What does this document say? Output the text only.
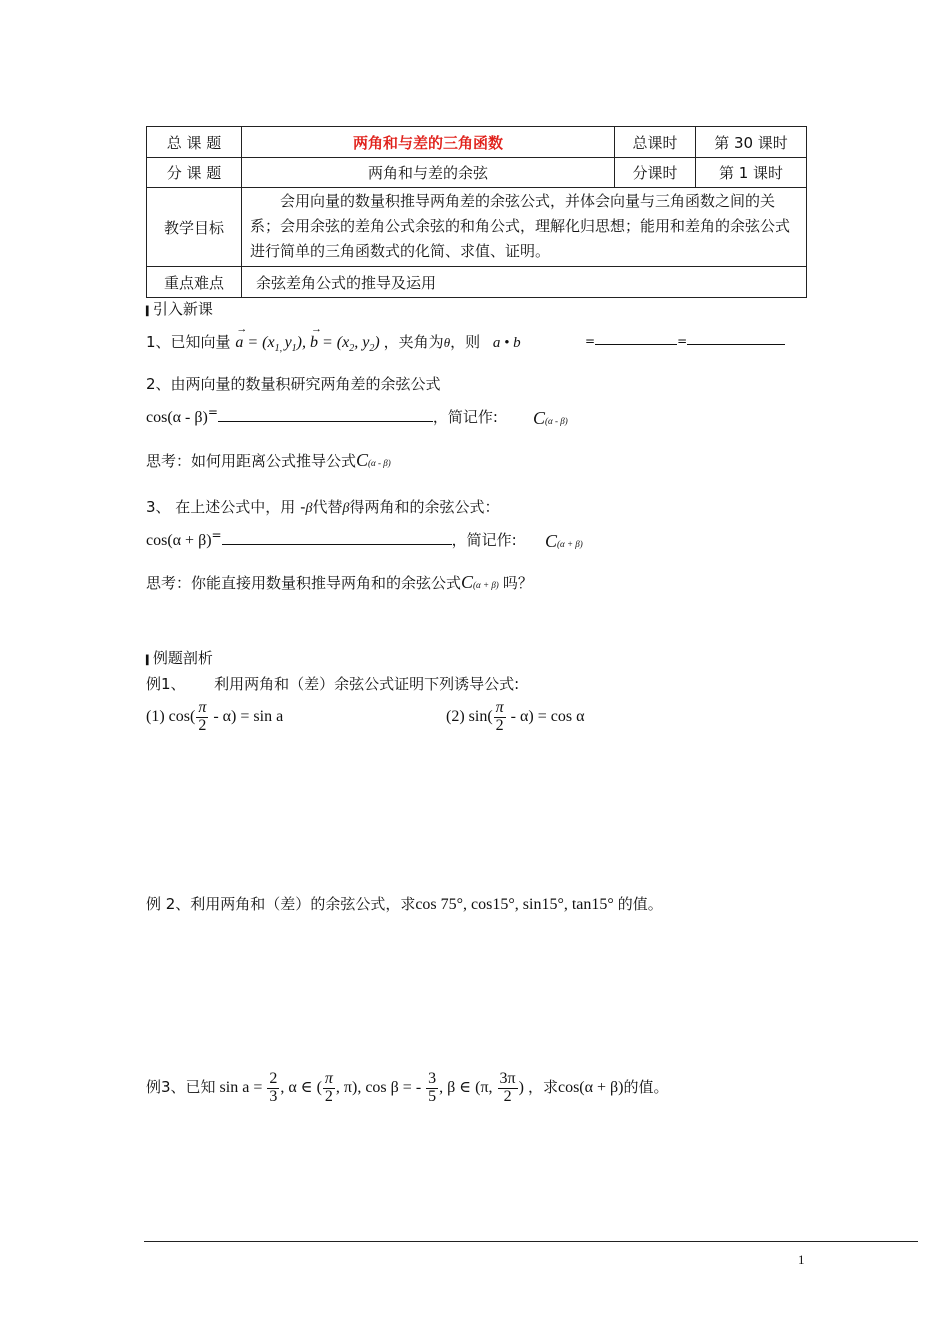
总 课 题	两角和与差的三角函数	总课时	第 30 课时
分 课 题	两角和与差的余弦	分课时	第 1 课时
教学目标	会用向量的数量积推导两角差的余弦公式，并体会向量与三角函数之间的关系；会用余弦的差角公式余弦的和角公式，理解化归思想；能用和差角的余弦公式进行简单的三角函数式的化简、求值、证明。		
重点难点	余弦差角公式的推导及运用		
▍引入新课
1、已知向量 a
→
= ($x_{1,}$ $y_1$), b
→
= ($x_2$, $y_2$) ，夹角为θ，则 a • b	=	=
2、由两向量的数量积研究两角差的余弦公式
cos(α - β)=	，简记作: C(α - β)
思考：如何用距离公式推导公式C(α - β)
3、 在上述公式中，用 -β代替β得两角和的余弦公式：
cos(α + β)=	，简记作: C(α + β)
思考：你能直接用数量积推导两角和的余弦公式C(α + β) 吗？
▍例题剖析
例1、      利用两角和（差）余弦公式证明下列诱导公式:
(1) $\cos( \frac{\pi}{2} - \alpha) = \sin a$	(2) $\sin( \frac{\pi}{2} - \alpha) = \cos \alpha$
例 2、利用两角和（差）的余弦公式，求cos 75°, cos15°, sin15°, tan15° 的值。
例3、已知 $\sin a = \frac{2}{3}$ , α ∈ ( $\frac{\pi}{2}$ , π), cos β = - $\frac{3}{5}$ , β ∈ (π, $\frac{3\pi}{2}$ ) ，求cos(α + β)的值。
1
